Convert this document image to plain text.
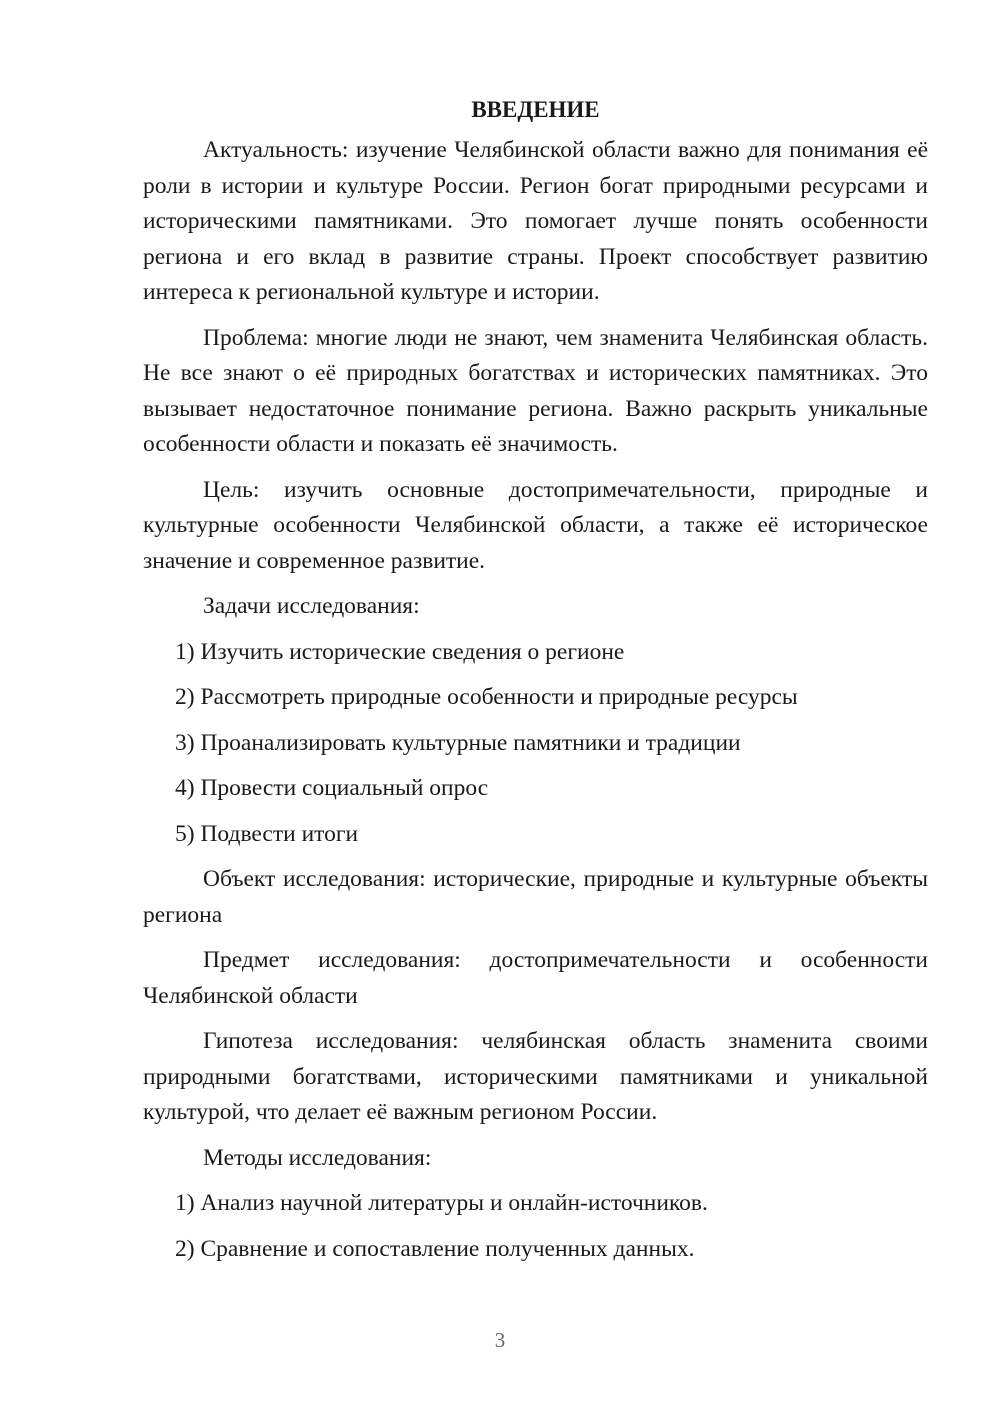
ВВЕДЕНИЕ

Актуальность: изучение Челябинской области важно для понимания её роли в истории и культуре России. Регион богат природными ресурсами и историческими памятниками. Это помогает лучше понять особенности региона и его вклад в развитие страны. Проект способствует развитию интереса к региональной культуре и истории.

Проблема: многие люди не знают, чем знаменита Челябинская область. Не все знают о её природных богатствах и исторических памятниках. Это вызывает недостаточное понимание региона. Важно раскрыть уникальные особенности области и показать её значимость.

Цель: изучить основные достопримечательности, природные и культурные особенности Челябинской области, а также её историческое значение и современное развитие.

Задачи исследования:
1) Изучить исторические сведения о регионе
2) Рассмотреть природные особенности и природные ресурсы
3) Проанализировать культурные памятники и традиции
4) Провести социальный опрос
5) Подвести итоги

Объект исследования: исторические, природные и культурные объекты региона

Предмет исследования: достопримечательности и особенности Челябинской области

Гипотеза исследования: челябинская область знаменита своими природными богатствами, историческими памятниками и уникальной культурой, что делает её важным регионом России.

Методы исследования:
1) Анализ научной литературы и онлайн-источников.
2) Сравнение и сопоставление полученных данных.
3
